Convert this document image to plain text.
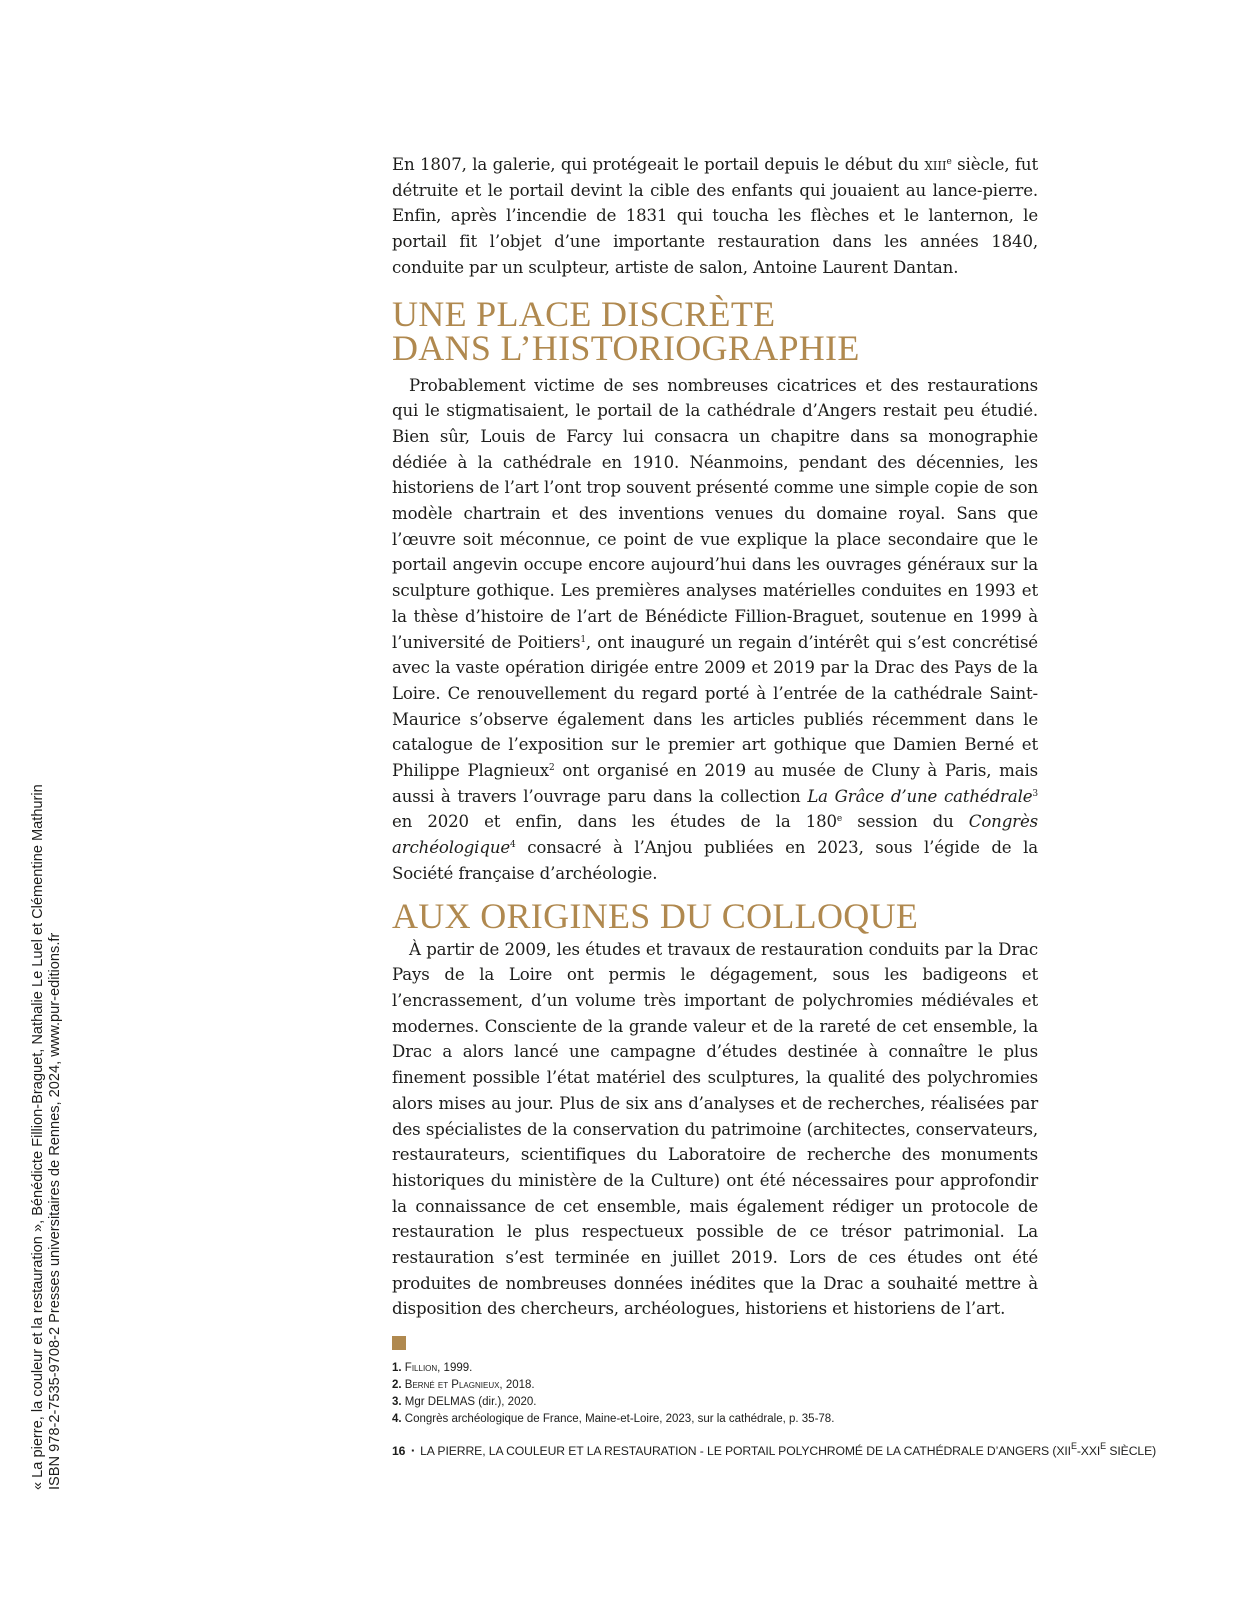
En 1807, la galerie, qui protégeait le portail depuis le début du xiii$^e$ siècle, fut détruite et le portail devint la cible des enfants qui jouaient au lance-pierre. Enfin, après l’incendie de 1831 qui toucha les flèches et le lanternon, le portail fit l’objet d’une importante restauration dans les années 1840, conduite par un sculpteur, artiste de salon, Antoine Laurent Dantan.

UNE PLACE DISCRÈTE
DANS L’HISTORIOGRAPHIE

Probablement victime de ses nombreuses cicatrices et des restaurations qui le stigmatisaient, le portail de la cathédrale d’Angers restait peu étudié. Bien sûr, Louis de Farcy lui consacra un chapitre dans sa monographie dédiée à la cathédrale en 1910. Néanmoins, pendant des décennies, les historiens de l’art l’ont trop souvent présenté comme une simple copie de son modèle chartrain et des inventions venues du domaine royal. Sans que l’œuvre soit méconnue, ce point de vue explique la place secondaire que le portail angevin occupe encore aujourd’hui dans les ouvrages généraux sur la sculpture gothique. Les premières analyses matérielles conduites en 1993 et la thèse d’histoire de l’art de Bénédicte Fillion-Braguet, soutenue en 1999 à l’université de Poitiers$^1$, ont inauguré un regain d’intérêt qui s’est concrétisé avec la vaste opération dirigée entre 2009 et 2019 par la Drac des Pays de la Loire. Ce renouvellement du regard porté à l’entrée de la cathédrale Saint-Maurice s’observe également dans les articles publiés récemment dans le catalogue de l’exposition sur le premier art gothique que Damien Berné et Philippe Plagnieux$^2$ ont organisé en 2019 au musée de Cluny à Paris, mais aussi à travers l’ouvrage paru dans la collection La Grâce d’une cathédrale$^3$ en 2020 et enfin, dans les études de la 180e session du Congrès archéologique$^4$ consacré à l’Anjou publiées en 2023, sous l’égide de la Société française d’archéologie.

AUX ORIGINES DU COLLOQUE

À partir de 2009, les études et travaux de restauration conduits par la Drac Pays de la Loire ont permis le dégagement, sous les badigeons et l’encrassement, d’un volume très important de polychromies médiévales et modernes. Consciente de la grande valeur et de la rareté de cet ensemble, la Drac a alors lancé une campagne d’études destinée à connaître le plus finement possible l’état matériel des sculptures, la qualité des polychromies alors mises au jour. Plus de six ans d’analyses et de recherches, réalisées par des spécialistes de la conservation du patrimoine (architectes, conservateurs, restaurateurs, scientifiques du Laboratoire de recherche des monuments historiques du ministère de la Culture) ont été nécessaires pour approfondir la connaissance de cet ensemble, mais également rédiger un protocole de restauration le plus respectueux possible de ce trésor patrimonial. La restauration s’est terminée en juillet 2019. Lors de ces études ont été produites de nombreuses données inédites que la Drac a souhaité mettre à disposition des chercheurs, archéologues, historiens et historiens de l’art.

1. Fillion, 1999.

2. Berné et Plagnieux, 2018.

3. Mgr DELMAS (dir.), 2020.

4. Congrès archéologique de France, Maine-et-Loire, 2023, sur la cathédrale, p. 35-78.

16 ▪ LA PIERRE, LA COULEUR ET LA RESTAURATION - LE PORTAIL POLYCHROMÉ DE LA CATHÉDRALE D’ANGERS ($XII^E-XXI^E$ SIÈCLE)
« La pierre, la couleur et la restauration », Bénédicte Fillion-Braguet, Nathalie Le Luel et Clémentine Mathurin ISBN 978-2-7535-9708-2 Presses universitaires de Rennes, 2024, www.pur-editions.fr
